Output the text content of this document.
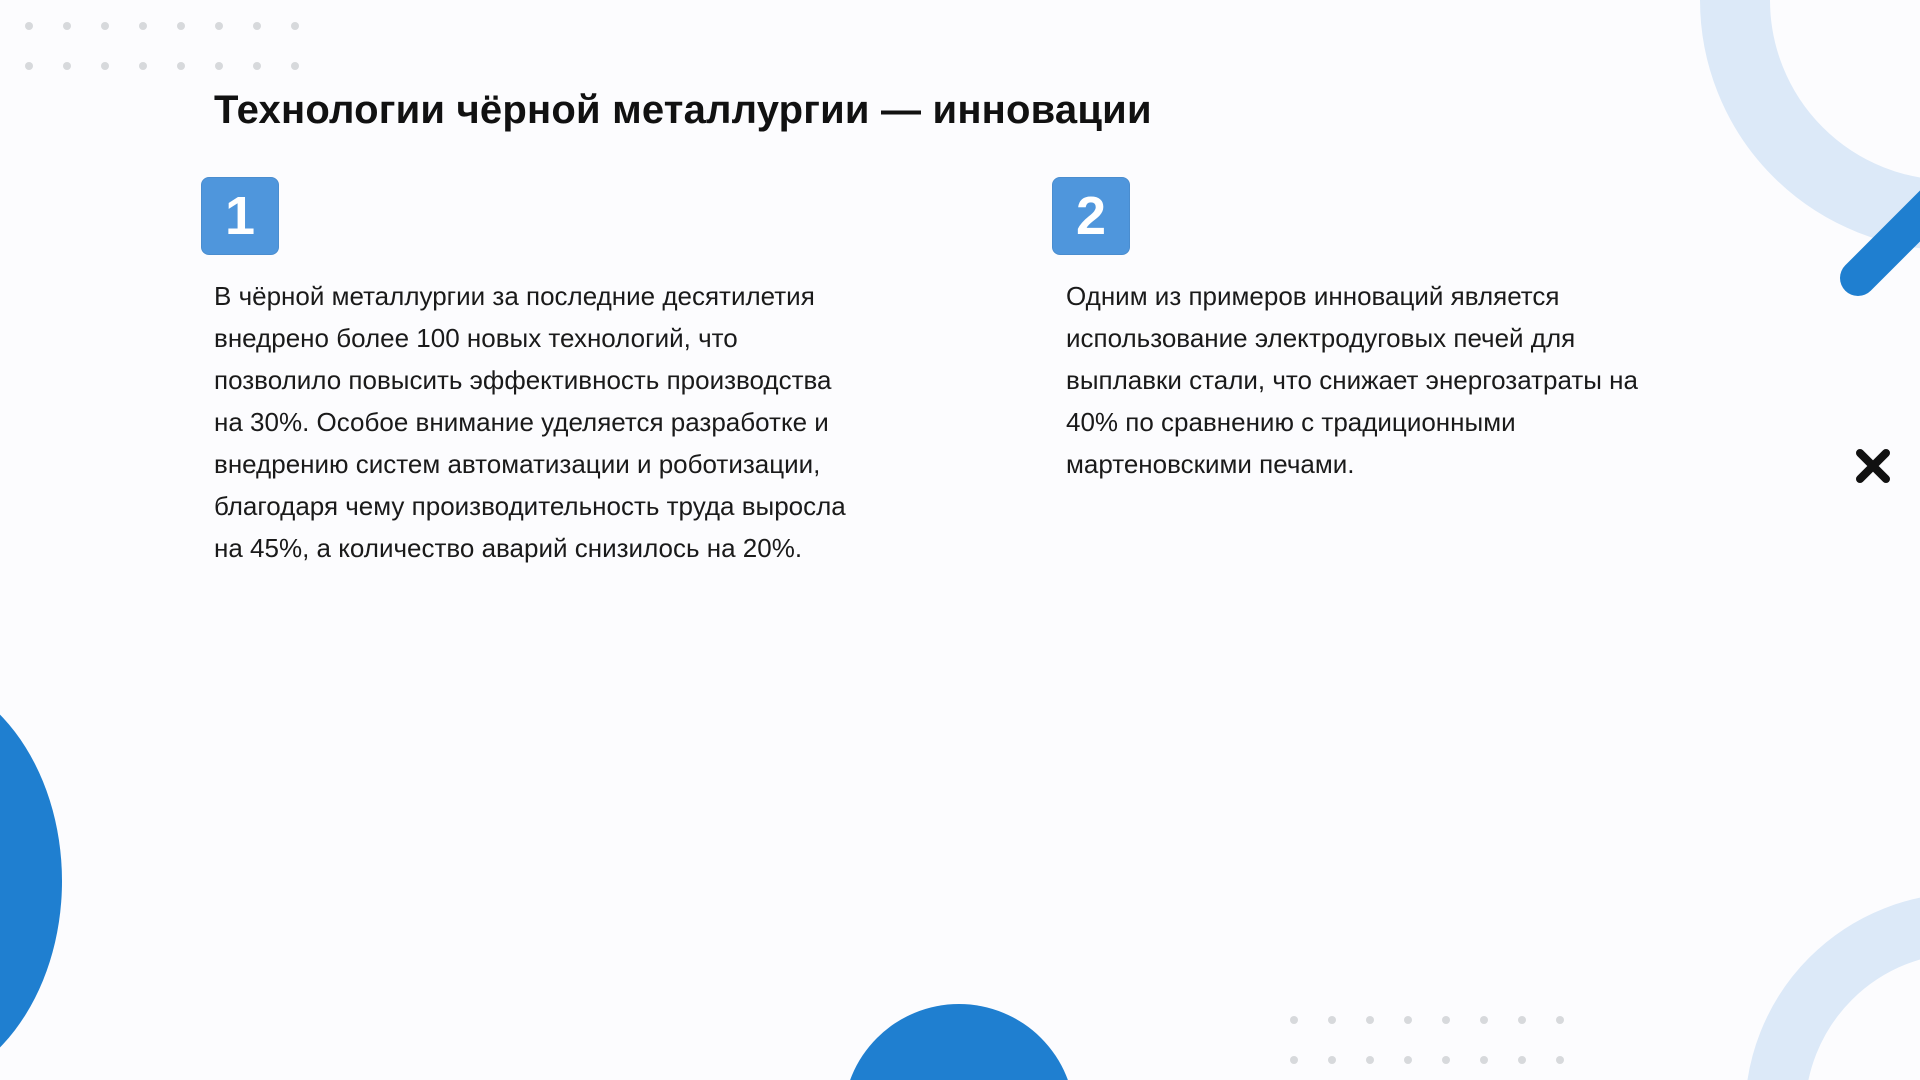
Технологии чёрной металлургии — инновации
1
В чёрной металлургии за последние десятилетия внедрено более 100 новых технологий, что позволило повысить эффективность производства на 30%. Особое внимание уделяется разработке и внедрению систем автоматизации и роботизации, благодаря чему производительность труда выросла на 45%, а количество аварий снизилось на 20%.
2
Одним из примеров инноваций является использование электродуговых печей для выплавки стали, что снижает энергозатраты на 40% по сравнению с традиционными мартеновскими печами.
